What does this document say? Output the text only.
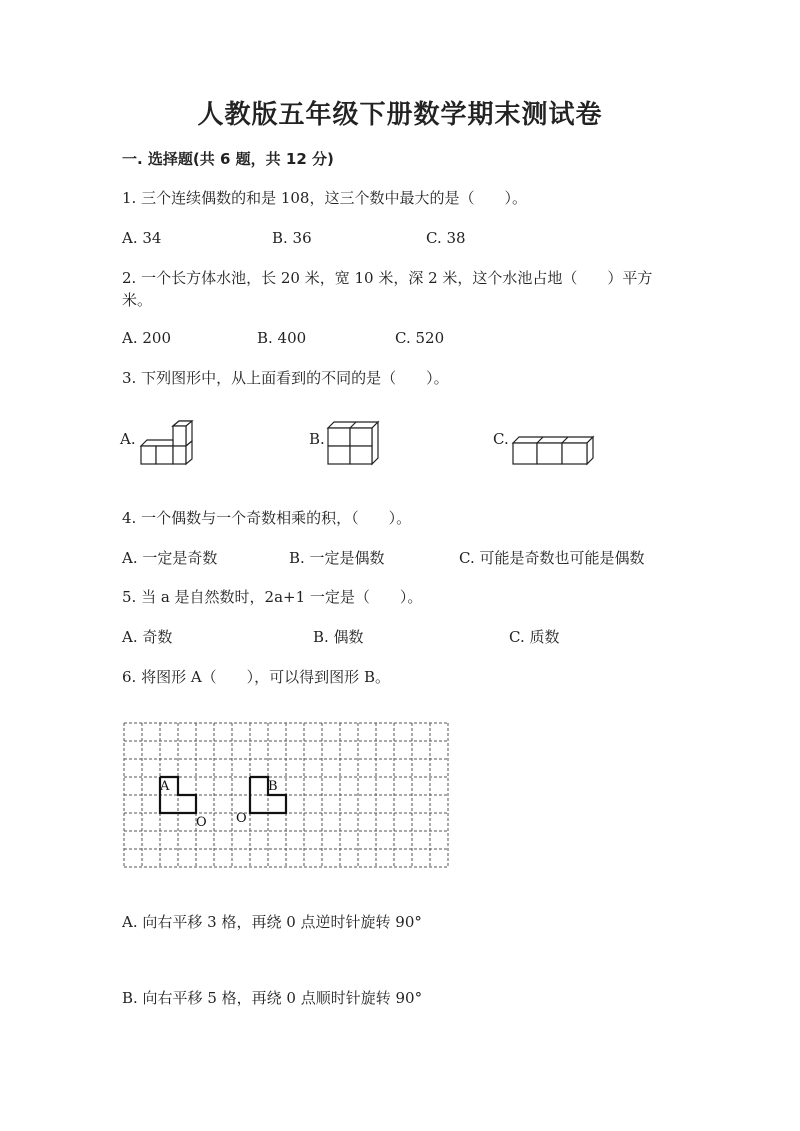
人教版五年级下册数学期末测试卷
一. 选择题(共 6 题，共 12 分)
1. 三个连续偶数的和是 108，这三个数中最大的是（　　）。
A. 34	B. 36	C. 38
2. 一个长方体水池，长 20 米，宽 10 米，深 2 米，这个水池占地（　　）平方米。
A. 200	B. 400	C. 520
3. 下列图形中，从上面看到的不同的是（　　）。
A.	B.	C.
4. 一个偶数与一个奇数相乘的积，（　　）。
A. 一定是奇数	B. 一定是偶数	C. 可能是奇数也可能是偶数
5. 当 a 是自然数时，2a+1 一定是（　　）。
A. 奇数	B. 偶数	C. 质数
6. 将图形 A（　　），可以得到图形 B。
A	B
O O
A. 向右平移 3 格，再绕 0 点逆时针旋转 90°
B. 向右平移 5 格，再绕 0 点顺时针旋转 90°
